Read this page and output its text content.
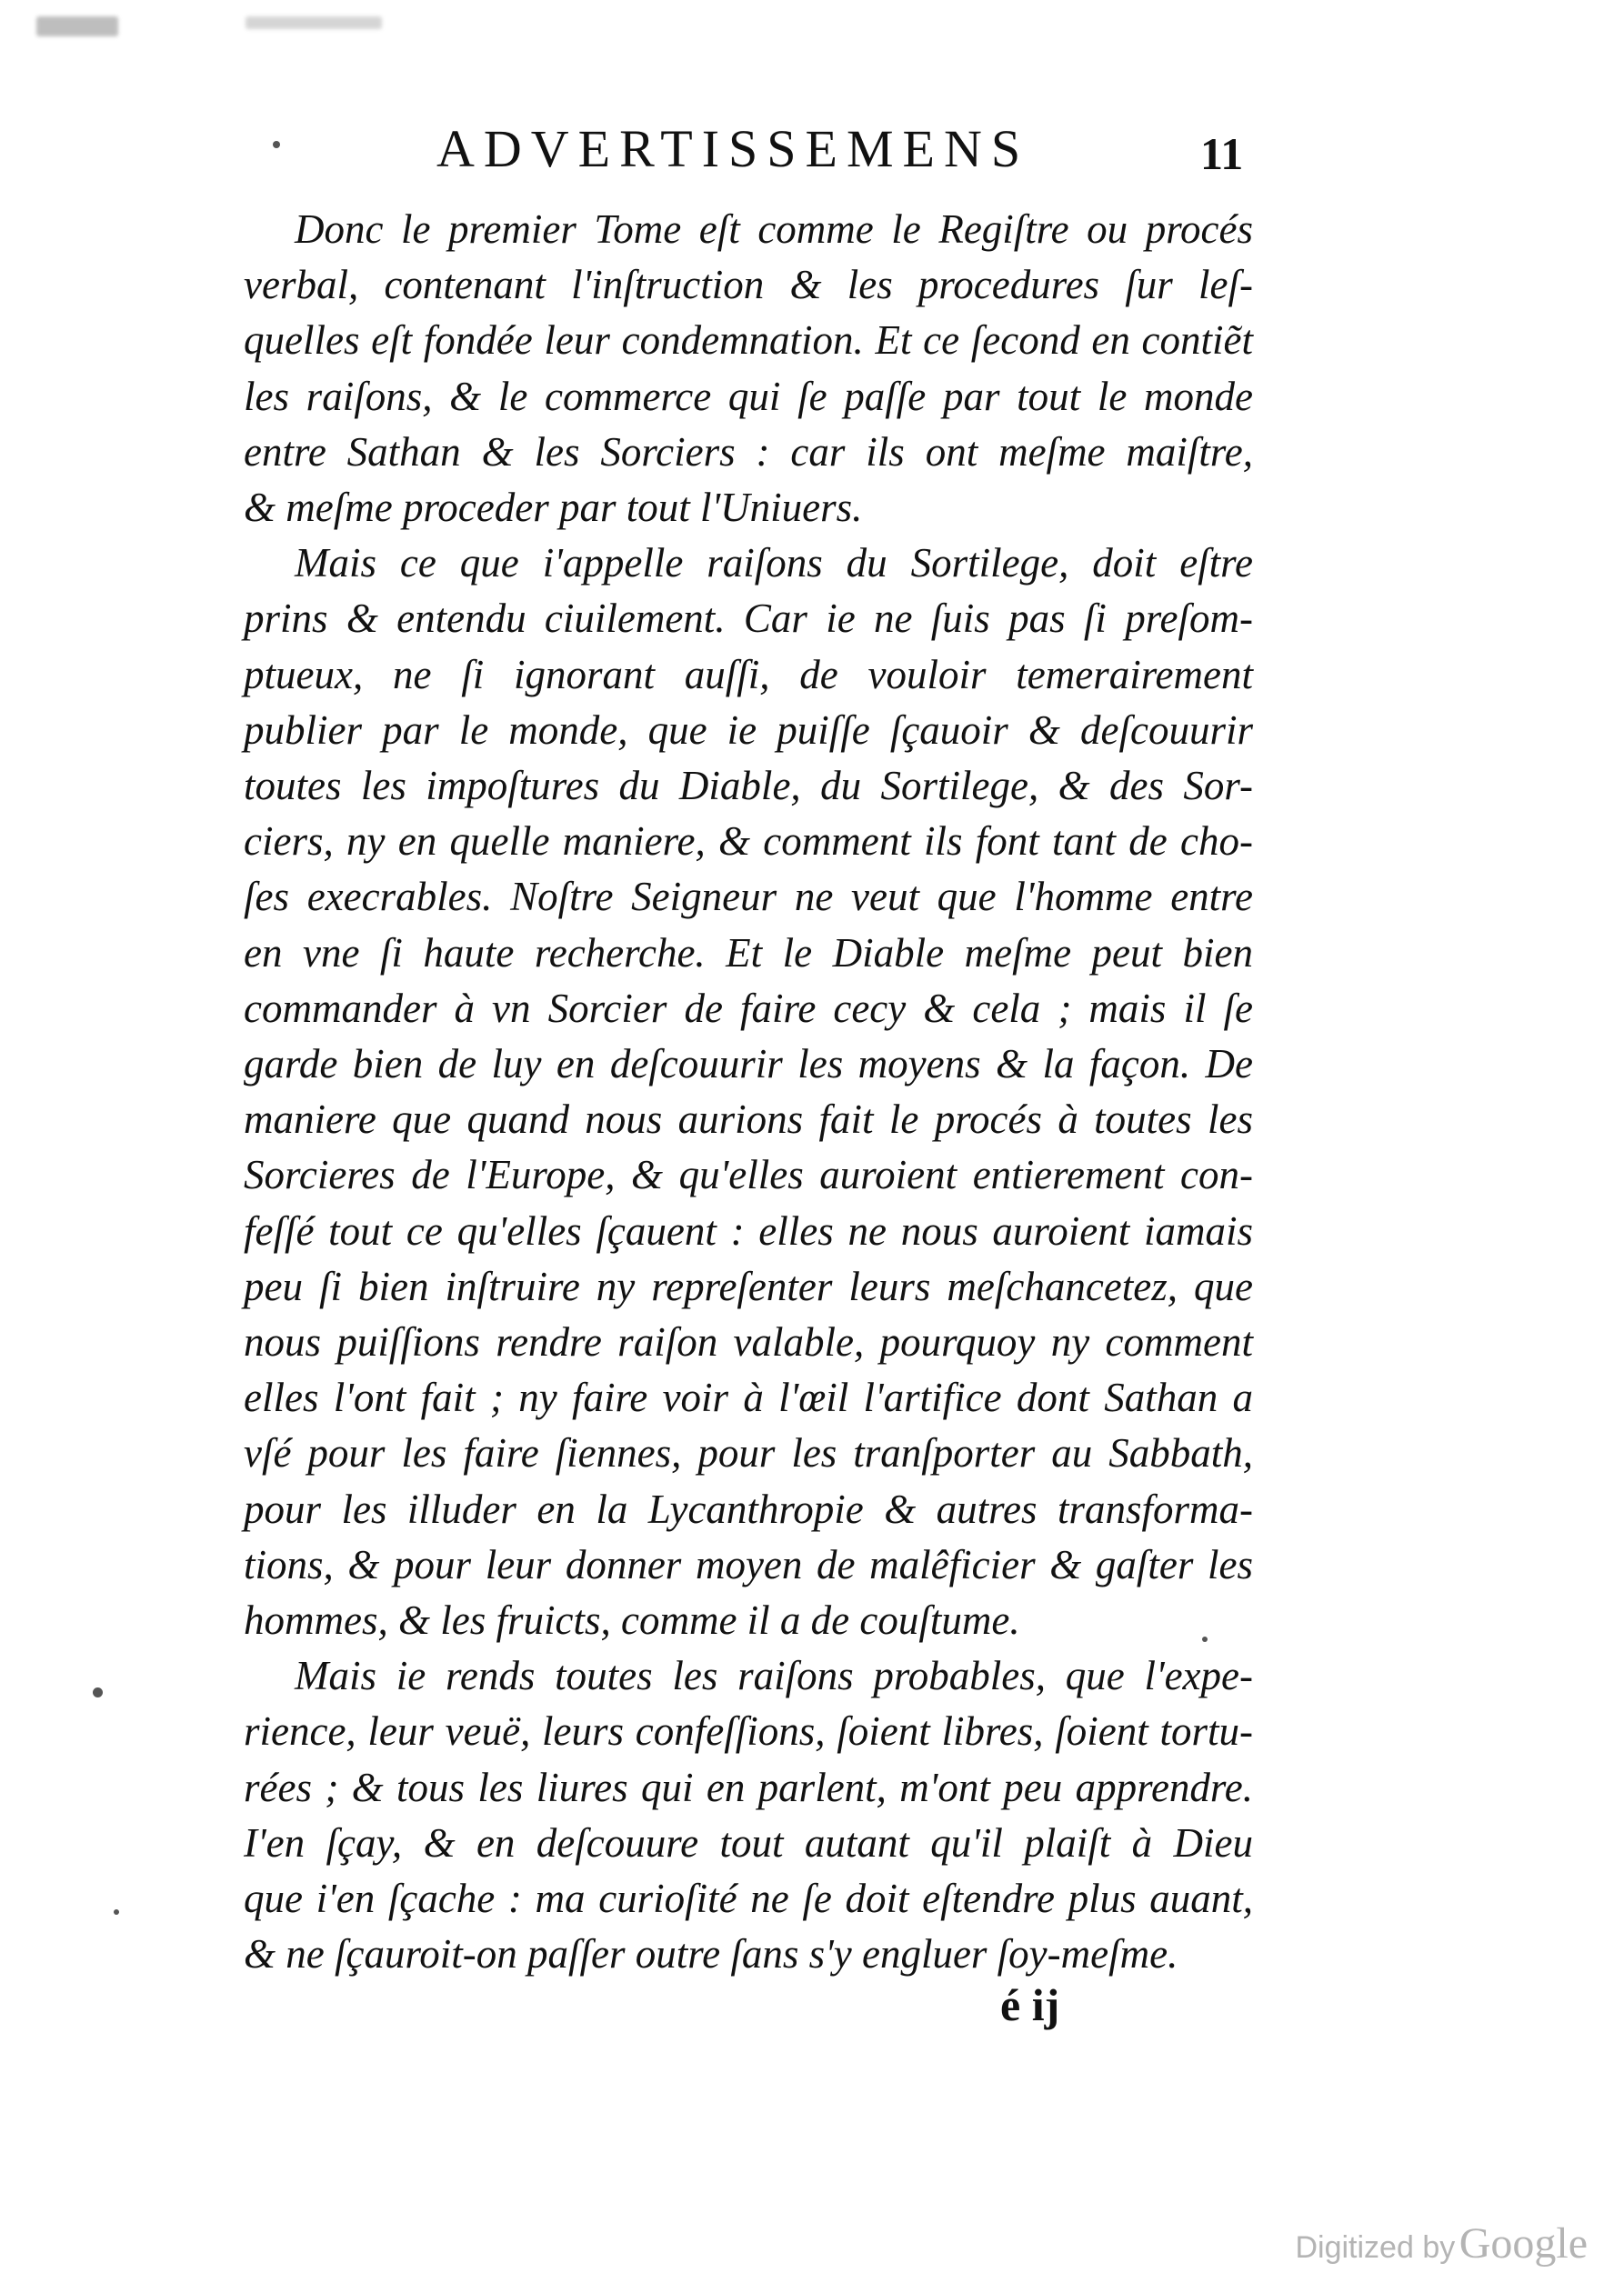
ADVERTISSEMENS	11
Donc le premier Tome eſt comme le Regiſtre ou procés
verbal, contenant l'inſtruction & les procedures ſur leſ-
quelles eſt fondée leur condemnation. Et ce ſecond en contiẽt
les raiſons, & le commerce qui ſe paſſe par tout le monde
entre Sathan & les Sorciers : car ils ont meſme maiſtre,
& meſme proceder par tout l'Uniuers.
Mais ce que i'appelle raiſons du Sortilege, doit eſtre
prins & entendu ciuilement. Car ie ne ſuis pas ſi preſom-
ptueux, ne ſi ignorant auſſi, de vouloir temerairement
publier par le monde, que ie puiſſe ſçauoir & deſcouurir
toutes les impoſtures du Diable, du Sortilege, & des Sor-
ciers, ny en quelle maniere, & comment ils font tant de cho-
ſes execrables. Noſtre Seigneur ne veut que l'homme entre
en vne ſi haute recherche. Et le Diable meſme peut bien
commander à vn Sorcier de faire cecy & cela ; mais il ſe
garde bien de luy en deſcouurir les moyens & la façon. De
maniere que quand nous aurions fait le procés à toutes les
Sorcieres de l'Europe, & qu'elles auroient entierement con-
feſſé tout ce qu'elles ſçauent : elles ne nous auroient iamais
peu ſi bien inſtruire ny repreſenter leurs meſchancetez, que
nous puiſſions rendre raiſon valable, pourquoy ny comment
elles l'ont fait ; ny faire voir à l'œil l'artifice dont Sathan a
vſé pour les faire ſiennes, pour les tranſporter au Sabbath,
pour les illuder en la Lycanthropie & autres transforma-
tions, & pour leur donner moyen de malêficier & gaſter les
hommes, & les fruicts, comme il a de couſtume.
Mais ie rends toutes les raiſons probables, que l'expe-
rience, leur veuë, leurs confeſſions, ſoient libres, ſoient tortu-
rées ; & tous les liures qui en parlent, m'ont peu apprendre.
I'en ſçay, & en deſcouure tout autant qu'il plaiſt à Dieu
que i'en ſçache : ma curioſité ne ſe doit eſtendre plus auant,
& ne ſçauroit-on paſſer outre ſans s'y engluer ſoy-meſme.
é ij
Digitized by Google
